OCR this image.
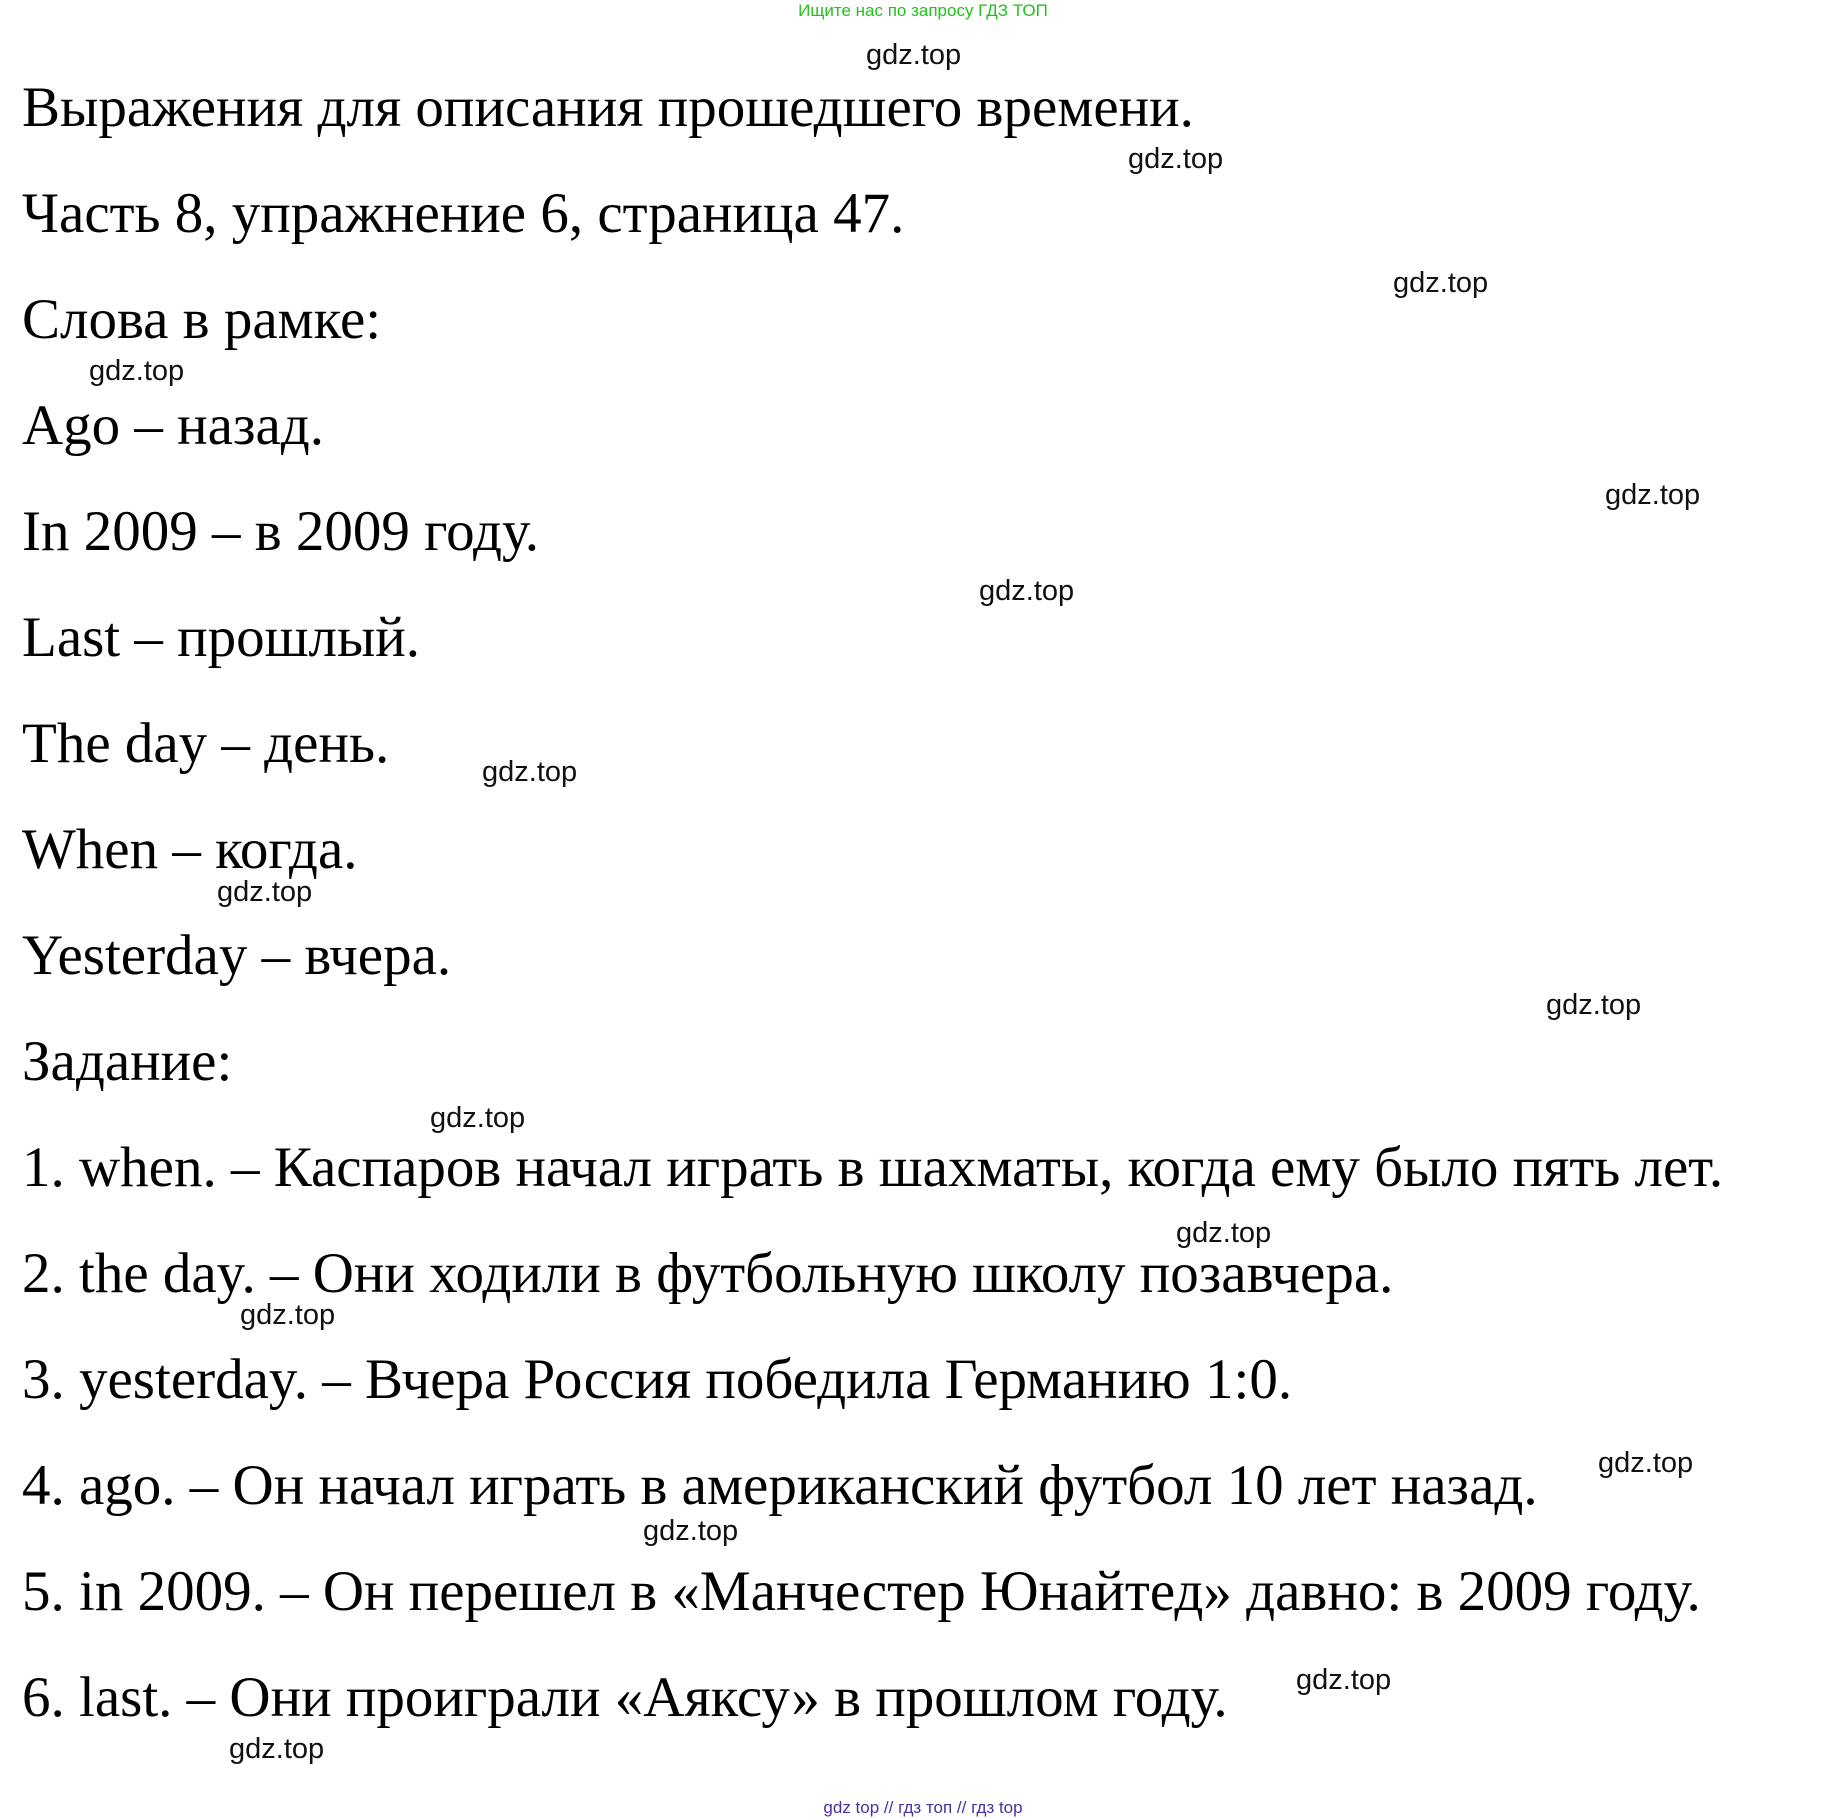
Ищите нас по запросу ГДЗ ТОП
Выражения для описания прошедшего времени.
Часть 8, упражнение 6, страница 47.
Слова в рамке:
Ago – назад.
In 2009 – в 2009 году.
Last – прошлый.
The day – день.
When – когда.
Yesterday – вчера.
Задание:
1. when. – Каспаров начал играть в шахматы, когда ему было пять лет.
2. the day. – Они ходили в футбольную школу позавчера.
3. yesterday. – Вчера Россия победила Германию 1:0.
4. ago. – Он начал играть в американский футбол 10 лет назад.
5. in 2009. – Он перешел в «Манчестер Юнайтед» давно: в 2009 году.
6. last. – Они проиграли «Аяксу» в прошлом году.
gdz.top
gdz.top
gdz.top
gdz.top
gdz.top
gdz.top
gdz.top
gdz.top
gdz.top
gdz.top
gdz.top
gdz.top
gdz.top
gdz.top
gdz.top
gdz.top
gdz top // гдз топ // гдз top
